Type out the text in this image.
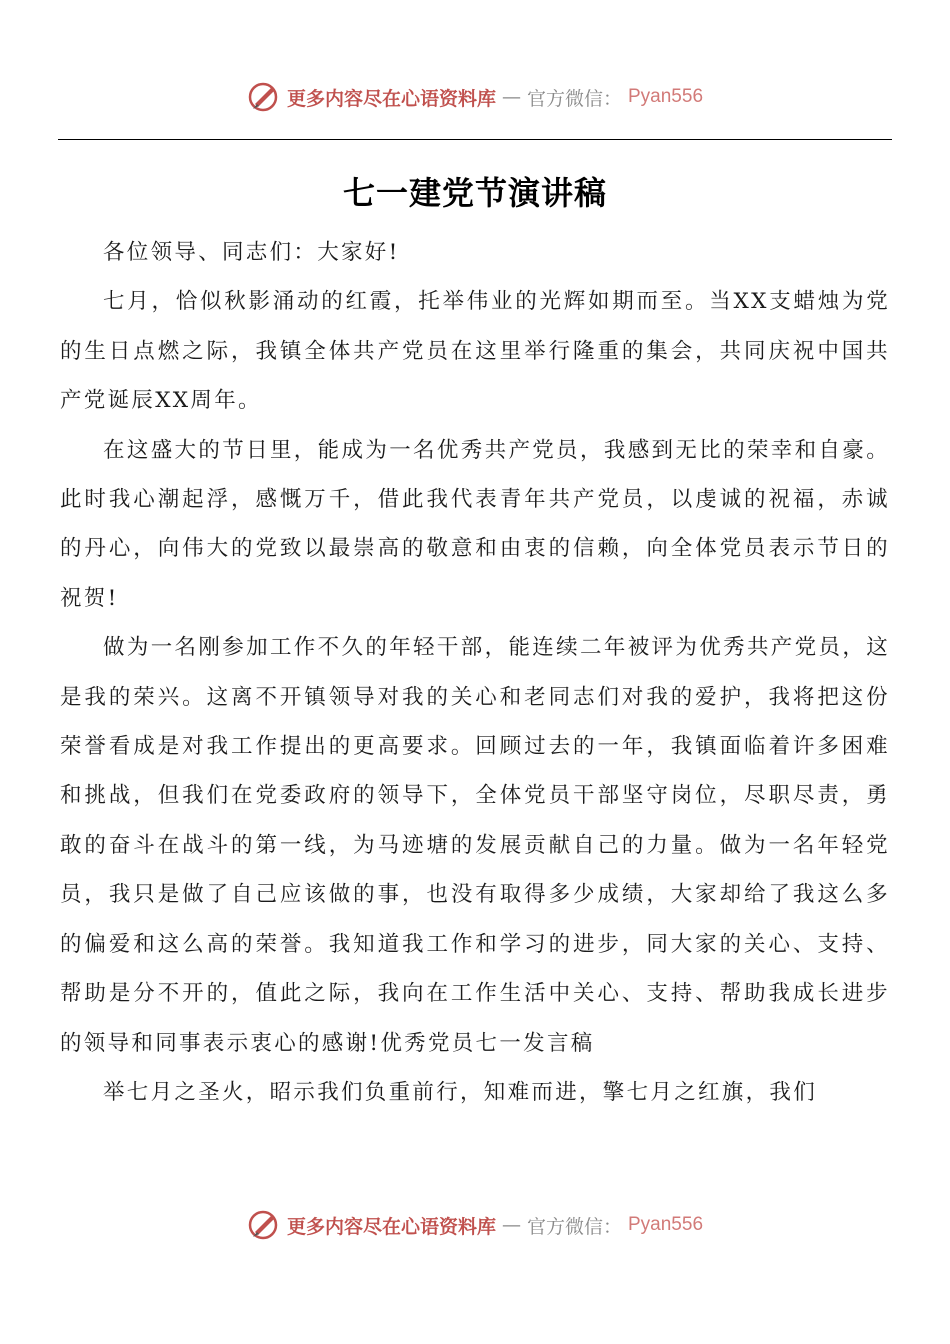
更多内容尽在心语资料库 — 官方微信： Pyan556
七一建党节演讲稿

各位领导、同志们：大家好!

七月，恰似秋影涌动的红霞，托举伟业的光辉如期而至。当XX支蜡烛为党的生日点燃之际，我镇全体共产党员在这里举行隆重的集会，共同庆祝中国共产党诞辰XX周年。

在这盛大的节日里，能成为一名优秀共产党员，我感到无比的荣幸和自豪。此时我心潮起浮，感慨万千，借此我代表青年共产党员，以虔诚的祝福，赤诚的丹心，向伟大的党致以最崇高的敬意和由衷的信赖，向全体党员表示节日的祝贺!

做为一名刚参加工作不久的年轻干部，能连续二年被评为优秀共产党员，这是我的荣兴。这离不开镇领导对我的关心和老同志们对我的爱护，我将把这份荣誉看成是对我工作提出的更高要求。回顾过去的一年，我镇面临着许多困难和挑战，但我们在党委政府的领导下，全体党员干部坚守岗位，尽职尽责，勇敢的奋斗在战斗的第一线，为马迹塘的发展贡献自己的力量。做为一名年轻党员，我只是做了自己应该做的事，也没有取得多少成绩，大家却给了我这么多的偏爱和这么高的荣誉。我知道我工作和学习的进步，同大家的关心、支持、帮助是分不开的，值此之际，我向在工作生活中关心、支持、帮助我成长进步的领导和同事表示衷心的感谢!优秀党员七一发言稿

举七月之圣火，昭示我们负重前行，知难而进，擎七月之红旗，我们

更多内容尽在心语资料库 — 官方微信： Pyan556
